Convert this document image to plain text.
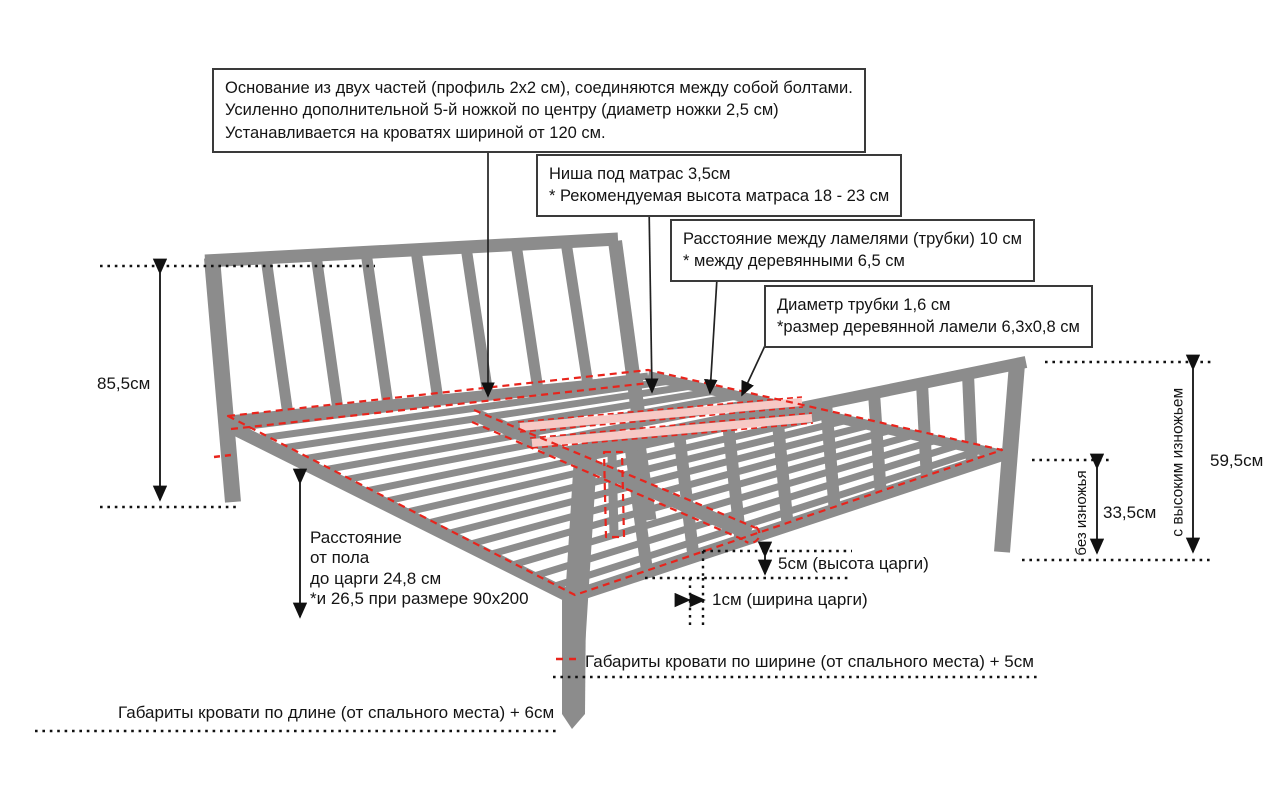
Основание из двух частей (профиль 2x2 см), соединяются между собой болтами.
Усиленно дополнительной 5-й ножкой по центру (диаметр ножки 2,5 см)
Устанавливается на кроватях шириной от 120 см.
Ниша под матрас 3,5см
* Рекомендуемая высота матраса 18 - 23 см
Расстояние между ламелями (трубки) 10 см
* между деревянными 6,5 см
Диаметр трубки 1,6 см
*размер деревянной ламели 6,3x0,8 см
85,5см
Расстояние
от пола
до царги 24,8 см
*и 26,5 при размере 90x200
5см (высота царги)
1см (ширина царги)
без изножья 33,5см с высоким изножьем 59,5см
Габариты кровати по ширине (от спального места) + 5см
Габариты кровати по длине (от спального места) + 6см
